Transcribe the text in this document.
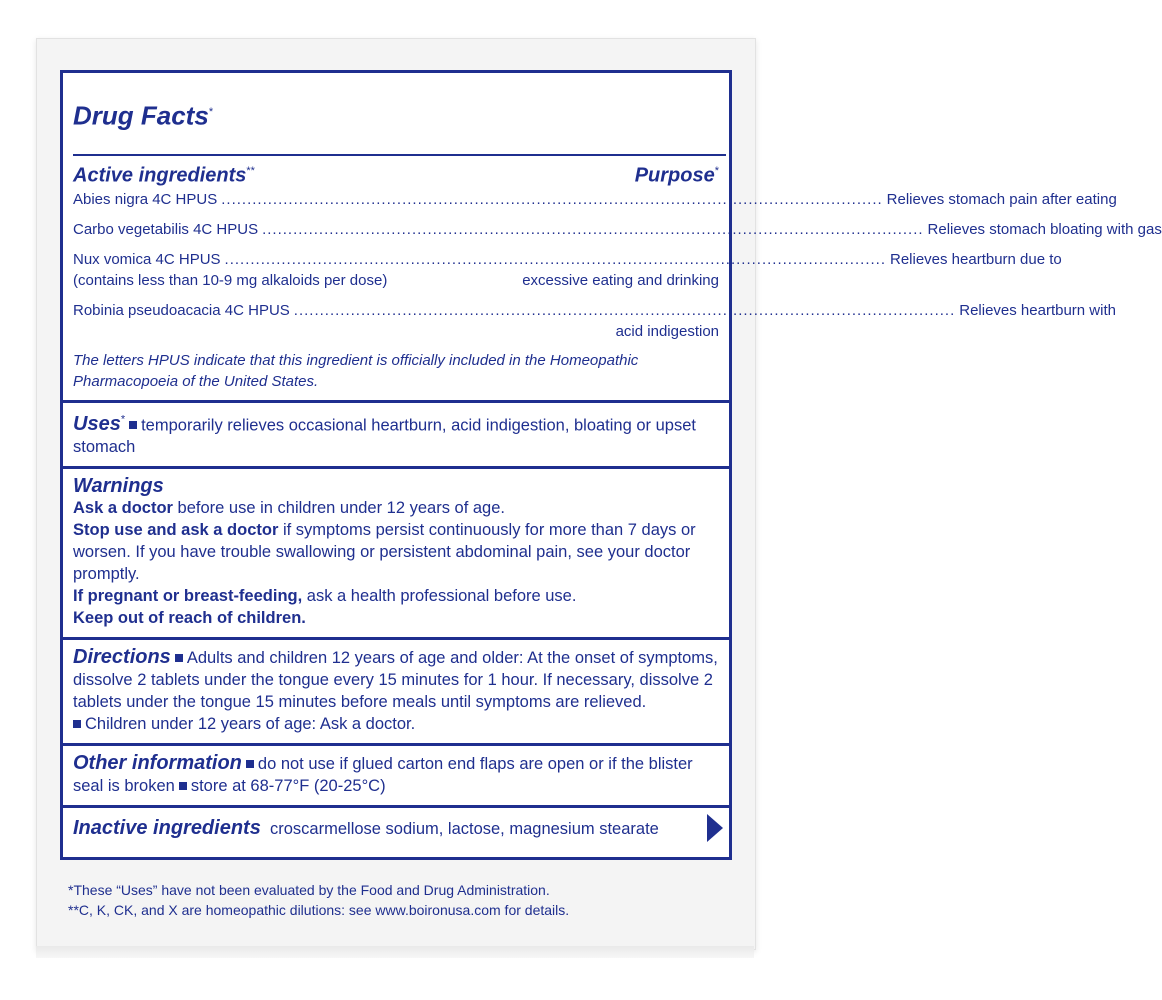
Drug Facts*
Active ingredients**	Purpose*
Abies nigra 4C HPUS ................................................................................................................................ Relieves stomach pain after eating
Carbo vegetabilis 4C HPUS ................................................................................................................................ Relieves stomach bloating with gas
Nux vomica 4C HPUS ................................................................................................................................ Relieves heartburn due to
(contains less than 10-9 mg alkaloids per dose)	excessive eating and drinking
Robinia pseudoacacia 4C HPUS ................................................................................................................................ Relieves heartburn with
acid indigestion
The letters HPUS indicate that this ingredient is officially included in the Homeopathic Pharmacopoeia of the United States.
Uses* temporarily relieves occasional heartburn, acid indigestion, bloating or upset stomach
Warnings
Ask a doctor before use in children under 12 years of age.
Stop use and ask a doctor if symptoms persist continuously for more than 7 days or worsen. If you have trouble swallowing or persistent abdominal pain, see your doctor promptly.
If pregnant or breast-feeding, ask a health professional before use.
Keep out of reach of children.
Directions Adults and children 12 years of age and older: At the onset of symptoms, dissolve 2 tablets under the tongue every 15 minutes for 1 hour. If necessary, dissolve 2 tablets under the tongue 15 minutes before meals until symptoms are relieved.
Children under 12 years of age: Ask a doctor.
Other information do not use if glued carton end flaps are open or if the blister seal is broken store at 68-77°F (20-25°C)
Inactive ingredients croscarmellose sodium, lactose, magnesium stearate
*These “Uses” have not been evaluated by the Food and Drug Administration.
**C, K, CK, and X are homeopathic dilutions: see www.boironusa.com for details.
